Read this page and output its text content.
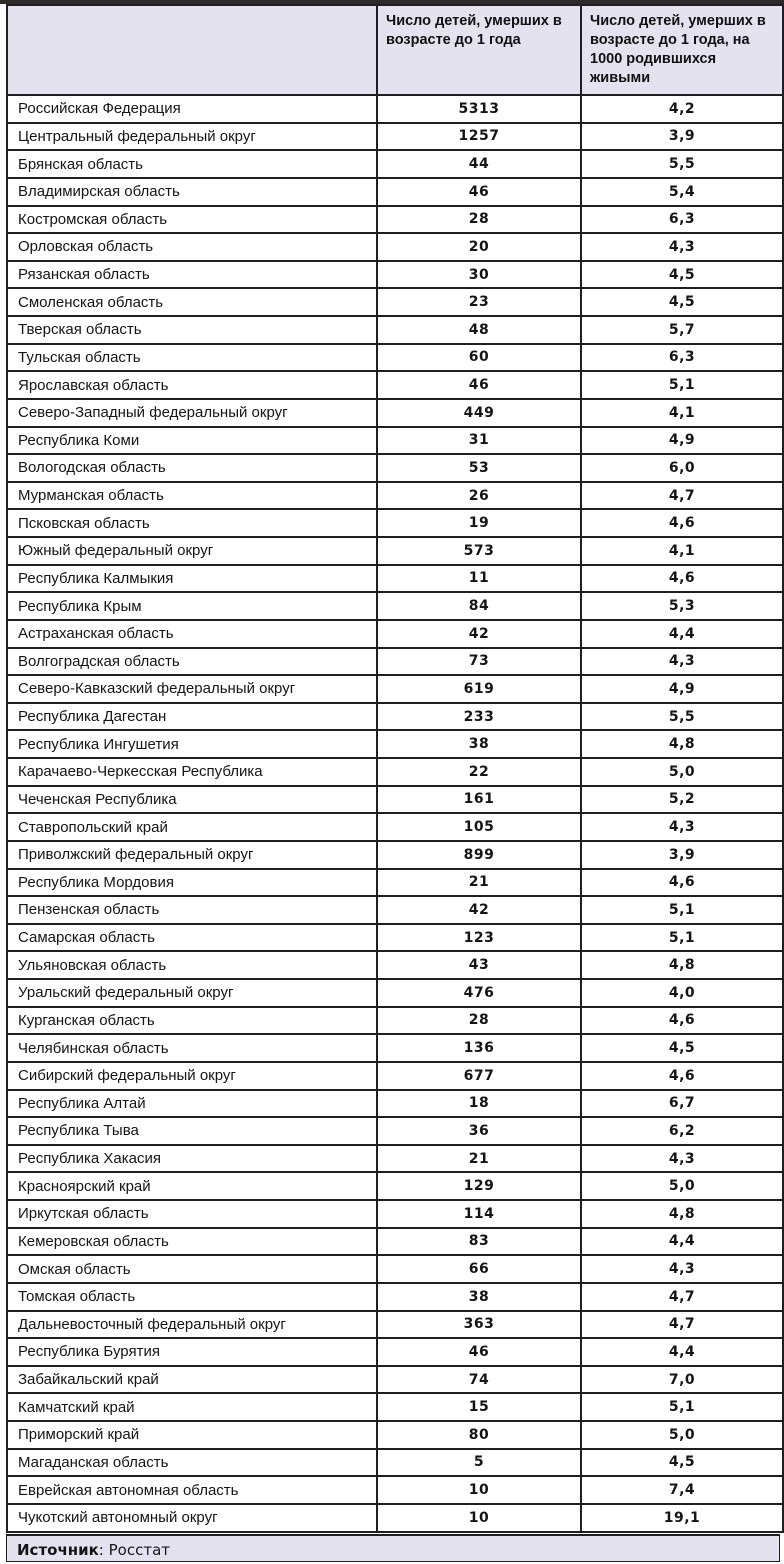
	Число детей, умерших в возрасте до 1 года	Число детей, умерших в возрасте до 1 года, на 1000 родившихся живыми
Российская Федерация	5313	4,2
Центральный федеральный округ	1257	3,9
Брянская область	44	5,5
Владимирская область	46	5,4
Костромская область	28	6,3
Орловская область	20	4,3
Рязанская область	30	4,5
Смоленская область	23	4,5
Тверская область	48	5,7
Тульская область	60	6,3
Ярославская область	46	5,1
Северо-Западный федеральный округ	449	4,1
Республика Коми	31	4,9
Вологодская область	53	6,0
Мурманская область	26	4,7
Псковская область	19	4,6
Южный федеральный округ	573	4,1
Республика Калмыкия	11	4,6
Республика Крым	84	5,3
Астраханская область	42	4,4
Волгоградская область	73	4,3
Северо-Кавказский федеральный округ	619	4,9
Республика Дагестан	233	5,5
Республика Ингушетия	38	4,8
Карачаево-Черкесская Республика	22	5,0
Чеченская Республика	161	5,2
Ставропольский край	105	4,3
Приволжский федеральный округ	899	3,9
Республика Мордовия	21	4,6
Пензенская область	42	5,1
Самарская область	123	5,1
Ульяновская область	43	4,8
Уральский федеральный округ	476	4,0
Курганская область	28	4,6
Челябинская область	136	4,5
Сибирский федеральный округ	677	4,6
Республика Алтай	18	6,7
Республика Тыва	36	6,2
Республика Хакасия	21	4,3
Красноярский край	129	5,0
Иркутская область	114	4,8
Кемеровская область	83	4,4
Омская область	66	4,3
Томская область	38	4,7
Дальневосточный федеральный округ	363	4,7
Республика Бурятия	46	4,4
Забайкальский край	74	7,0
Камчатский край	15	5,1
Приморский край	80	5,0
Магаданская область	5	4,5
Еврейская автономная область	10	7,4
Чукотский автономный округ	10	19,1
Источник: Росстат
